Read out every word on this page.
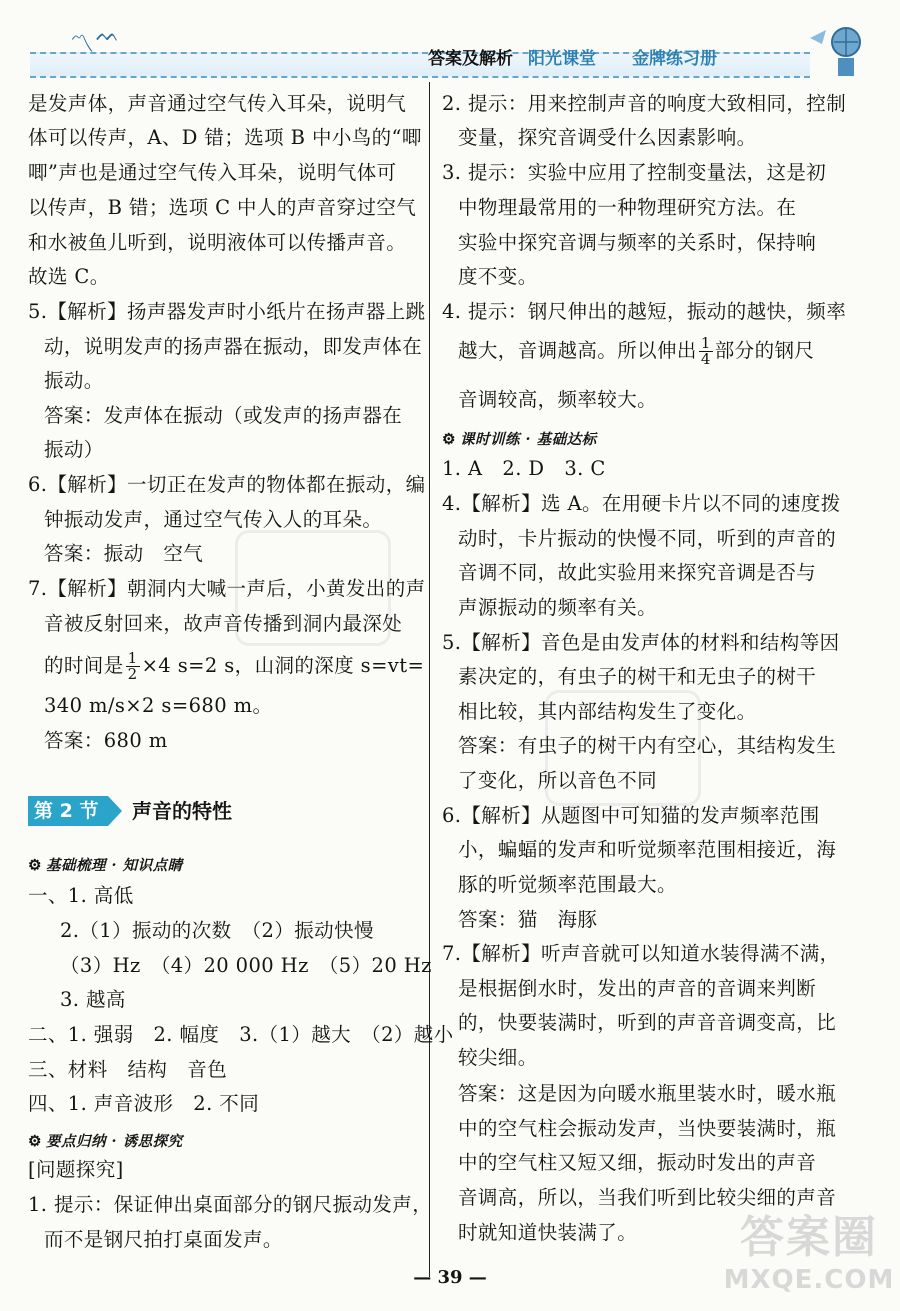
〽 ᨓ
答案及解析 阳光课堂 金牌练习册
是发声体，声音通过空气传入耳朵，说明气
体可以传声，A、D 错；选项 B 中小鸟的“唧
唧”声也是通过空气传入耳朵，说明气体可
以传声，B 错；选项 C 中人的声音穿过空气
和水被鱼儿听到，说明液体可以传播声音。
故选 C。
5.【解析】扬声器发声时小纸片在扬声器上跳
动，说明发声的扬声器在振动，即发声体在
振动。
答案：发声体在振动（或发声的扬声器在
振动）
6.【解析】一切正在发声的物体都在振动，编
钟振动发声，通过空气传入人的耳朵。
答案：振动　空气
7.【解析】朝洞内大喊一声后，小黄发出的声
音被反射回来，故声音传播到洞内最深处
的时间是 $\frac{1}{2} \times 4$ s=2 s，山洞的深度 s=vt=
340 m/s×2 s=680 m。
答案：680 m
第 2 节	声音的特性
⚙ 基础梳理 · 知识点睛
一、1. 高低
2.（1）振动的次数　（2）振动快慢
（3）Hz　（4）20 000 Hz　（5）20 Hz
3. 越高
二、1. 强弱　2. 幅度　3.（1）越大　（2）越小
三、材料　结构　音色
四、1. 声音波形　2. 不同
⚙ 要点归纳 · 诱思探究
[问题探究]
1. 提示：保证伸出桌面部分的钢尺振动发声，
而不是钢尺拍打桌面发声。
2. 提示：用来控制声音的响度大致相同，控制
变量，探究音调受什么因素影响。
3. 提示：实验中应用了控制变量法，这是初
中物理最常用的一种物理研究方法。在
实验中探究音调与频率的关系时，保持响
度不变。
4. 提示：钢尺伸出的越短，振动的越快，频率
越大，音调越高。所以伸出 $\frac{1}{4}$ 部分的钢尺
音调较高，频率较大。
⚙ 课时训练 · 基础达标
1. A　2. D　3. C
4.【解析】选 A。在用硬卡片以不同的速度拨
动时，卡片振动的快慢不同，听到的声音的
音调不同，故此实验用来探究音调是否与
声源振动的频率有关。
5.【解析】音色是由发声体的材料和结构等因
素决定的，有虫子的树干和无虫子的树干
相比较，其内部结构发生了变化。
答案：有虫子的树干内有空心，其结构发生
了变化，所以音色不同
6.【解析】从题图中可知猫的发声频率范围
小，蝙蝠的发声和听觉频率范围相接近，海
豚的听觉频率范围最大。
答案：猫　海豚
7.【解析】听声音就可以知道水装得满不满，
是根据倒水时，发出的声音的音调来判断
的，快要装满时，听到的声音音调变高，比
较尖细。
答案：这是因为向暖水瓶里装水时，暖水瓶
中的空气柱会振动发声，当快要装满时，瓶
中的空气柱又短又细，振动时发出的声音
音调高，所以，当我们听到比较尖细的声音
时就知道快装满了。
— 39 —
答案圈
MXQE.COM
